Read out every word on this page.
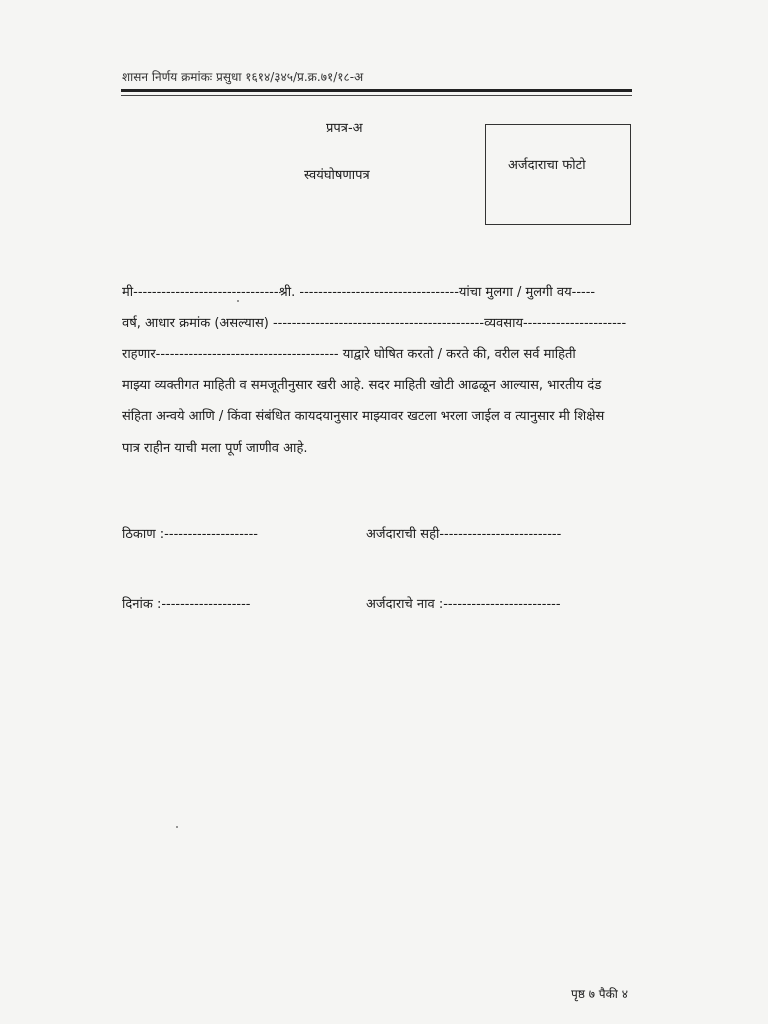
शासन निर्णय क्रमांकः प्रसुधा १६१४/३४५/प्र.क्र.७१/१८-अ
प्रपत्र-अ
स्वयंघोषणापत्र
अर्जदाराचा फोटो
मी-------------------------------श्री. ----------------------------------यांचा मुलगा / मुलगी वय-----
वर्ष, आधार क्रमांक (असल्यास) ---------------------------------------------व्यवसाय----------------------
राहणार--------------------------------------- याद्वारे घोषित करतो / करते की, वरील सर्व माहिती
माझ्या व्यक्तीगत माहिती व समजूतीनुसार खरी आहे. सदर माहिती खोटी आढळून आल्यास, भारतीय दंड
संहिता अन्वये आणि / किंवा संबंधित कायदयानुसार माझ्यावर खटला भरला जाईल व त्यानुसार मी शिक्षेस
पात्र राहीन याची मला पूर्ण जाणीव आहे.
ठिकाण :--------------------	अर्जदाराची सही--------------------------
दिनांक :-------------------	अर्जदाराचे नाव :-------------------------
पृष्ठ ७ पैकी ४
